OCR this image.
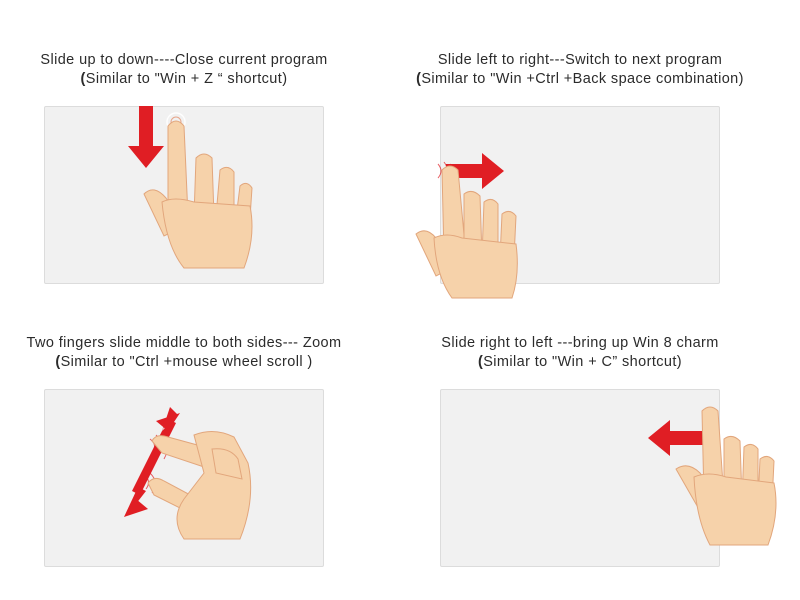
Slide up to down----Close current program
(Similar to "Win + Z “ shortcut)
Slide left to right---Switch to next program
(Similar to "Win +Ctrl +Back space combination)
Two fingers slide middle to both sides--- Zoom
(Similar to "Ctrl +mouse wheel scroll )
Slide right to left ---bring up Win 8 charm
(Similar to "Win + C” shortcut)
